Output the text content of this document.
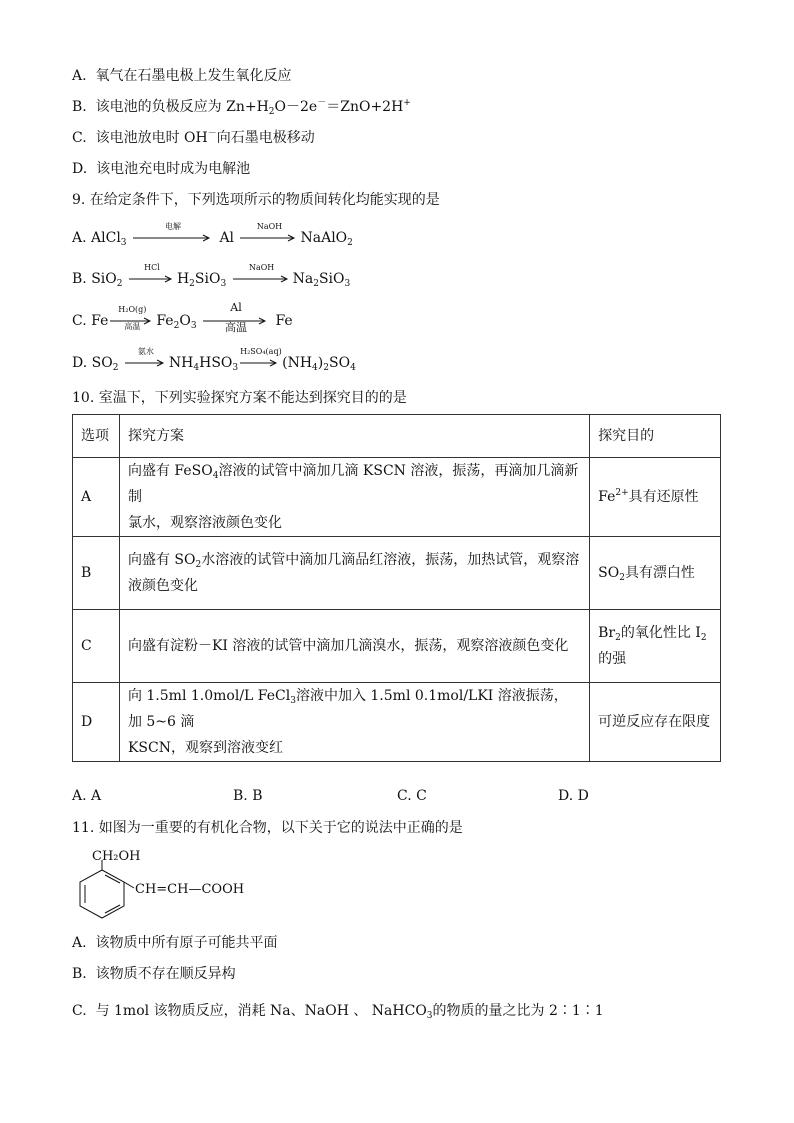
A. 氧气在石墨电极上发生氧化反应
B. 该电池的负极反应为 $Zn+H_2O-2e^-=ZnO+2H^+$
C. 该电池放电时 OH－向石墨电极移动
D. 该电池充电时成为电解池
9. 在给定条件下，下列选项所示的物质间转化均能实现的是
A. AlCl$_3$
电解
Al
NaOH
NaAlO$_2$
B. SiO$_2$
HCl
$H_2SiO_3$
NaOH
$Na_2SiO_3$
C. Fe
H₂O(g)
高温	$Fe_2O_3$
Al
高温	Fe
D. $SO_2$
氨水
$NH_4HSO_3$
H₂SO₄(aq)
$(NH_4)_2SO_4$
10. 室温下，下列实验探究方案不能达到探究目的的是
选项	探究方案	探究目的
A	向盛有 FeSO$_4$溶液的试管中滴加几滴 KSCN 溶液，振荡，再滴加几滴新制
氯水，观察溶液颜色变化	$Fe^{2+}$具有还原性
B	向盛有 $SO_2$水溶液的试管中滴加几滴品红溶液，振荡，加热试管，观察溶
液颜色变化	$SO_2$具有漂白性
C	向盛有淀粉－KI 溶液的试管中滴加几滴溴水，振荡，观察溶液颜色变化	$Br_2$的氧化性比 $I_2$
的强
D	向 1.5ml 1.0mol/L FeCl$_3$溶液中加入 1.5ml 0.1mol/LKI 溶液振荡，加 5~6 滴
KSCN，观察到溶液变红	可逆反应存在限度
A. A	B. B	C. C	D. D
11. 如图为一重要的有机化合物，以下关于它的说法中正确的是
CH₂OH
CH=CH—COOH
A. 该物质中所有原子可能共平面
B. 该物质不存在顺反异构
C. 与 1mol 该物质反应，消耗 Na、NaOH 、 NaHCO$_3$的物质的量之比为 2∶1∶1
